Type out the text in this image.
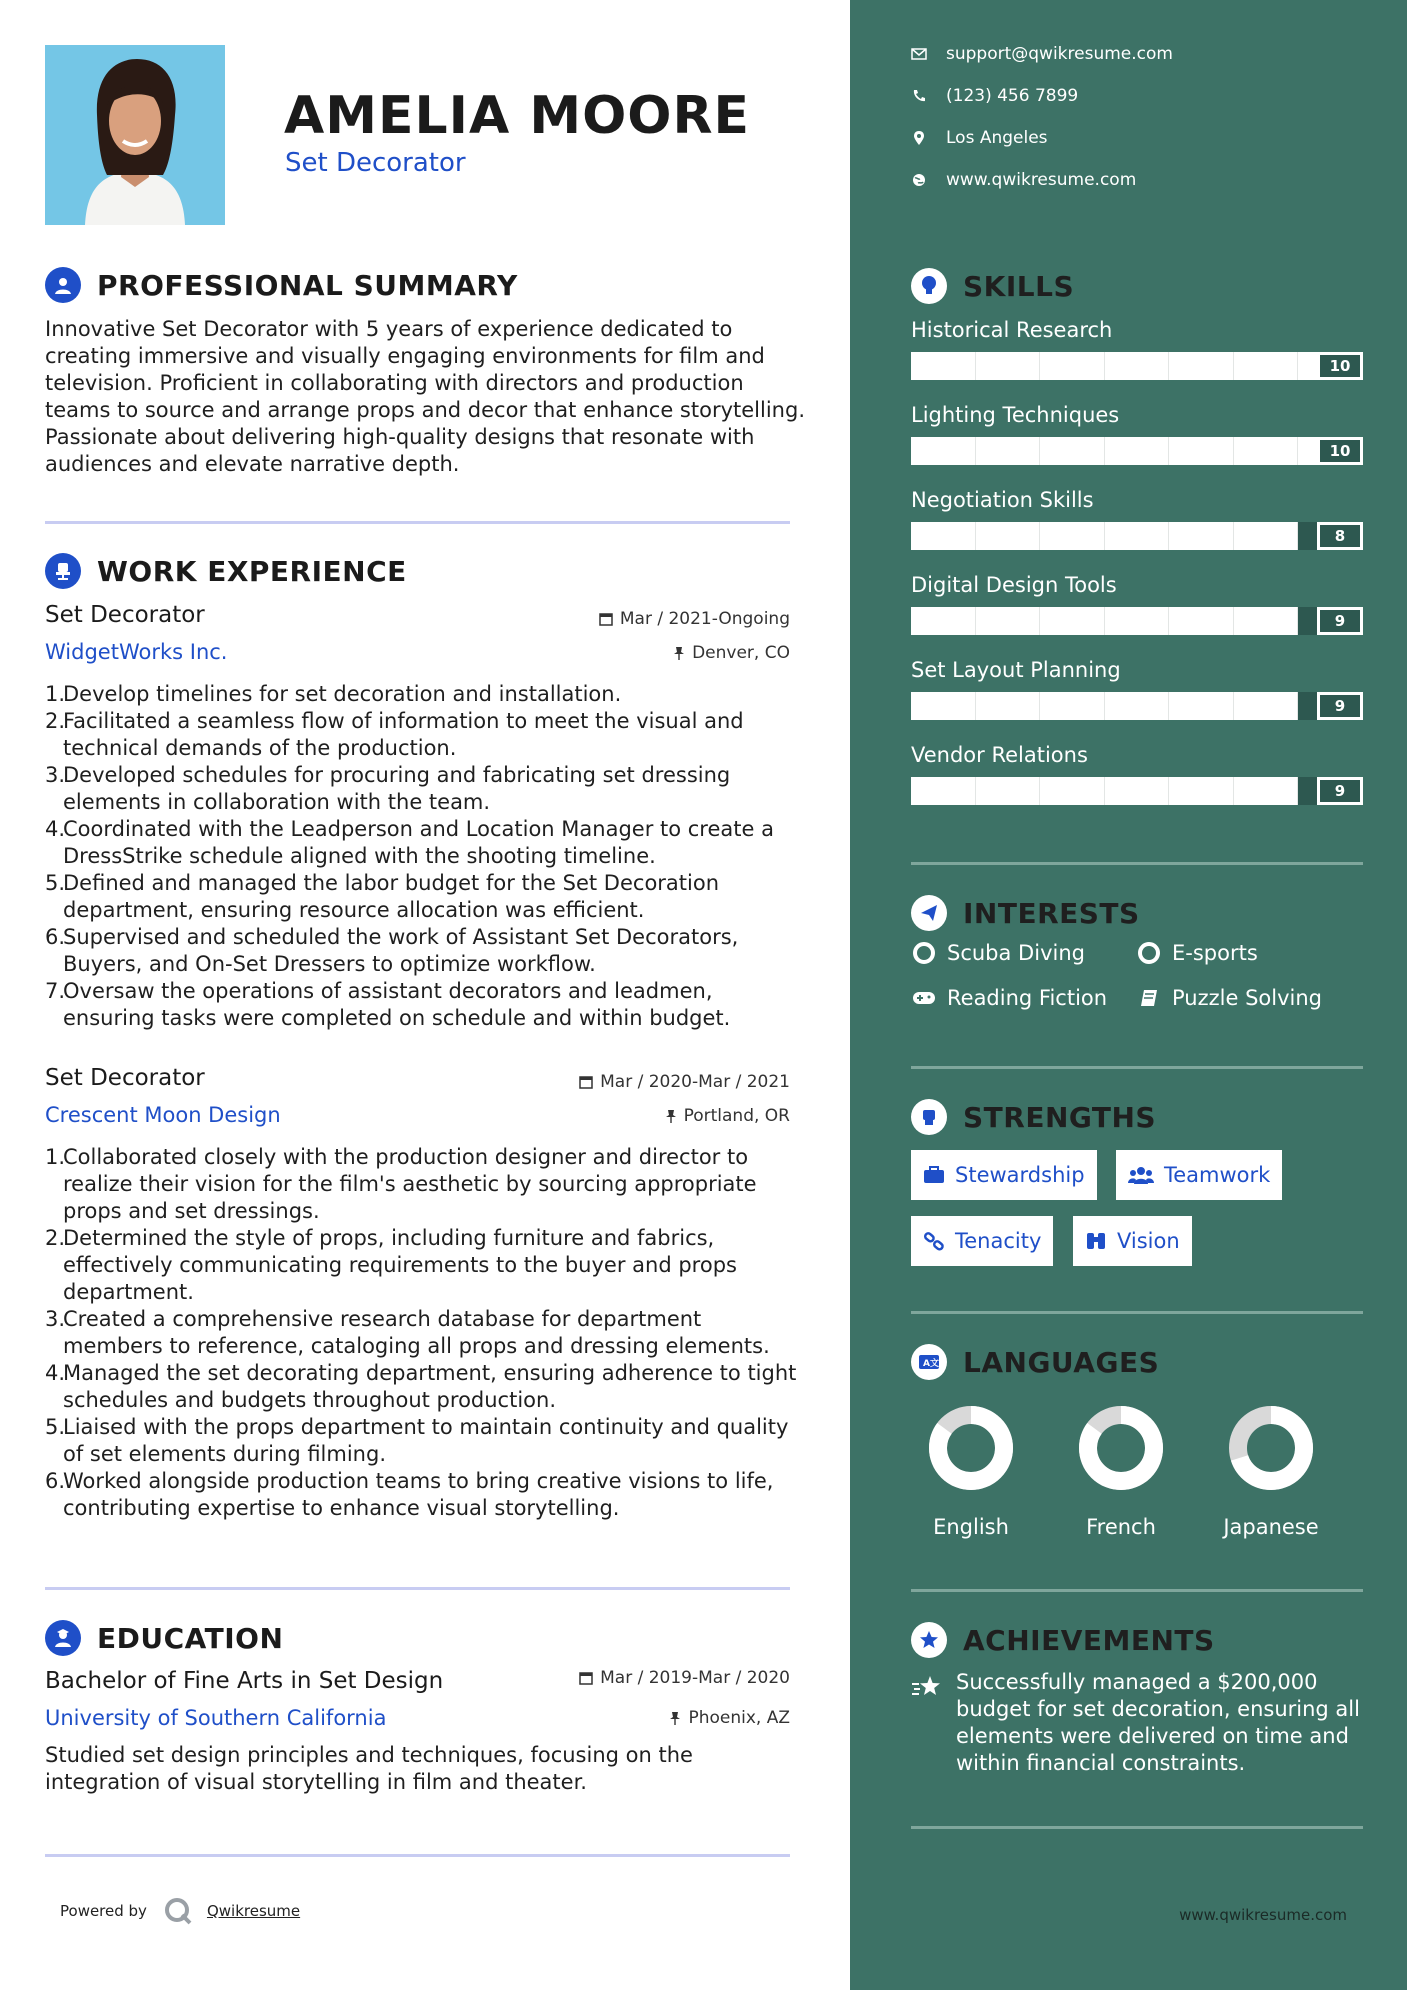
AMELIA MOORE
Set Decorator
PROFESSIONAL SUMMARY
Innovative Set Decorator with 5 years of experience dedicated to creating immersive and visually engaging environments for film and television. Proficient in collaborating with directors and production teams to source and arrange props and decor that enhance storytelling. Passionate about delivering high-quality designs that resonate with audiences and elevate narrative depth.
WORK EXPERIENCE
Set Decorator	Mar / 2021-Ongoing
WidgetWorks Inc.	Denver, CO
1.
Develop timelines for set decoration and installation.
2.
Facilitated a seamless flow of information to meet the visual and technical demands of the production.
3.
Developed schedules for procuring and fabricating set dressing elements in collaboration with the team.
4.
Coordinated with the Leadperson and Location Manager to create a DressStrike schedule aligned with the shooting timeline.
5.
Defined and managed the labor budget for the Set Decoration department, ensuring resource allocation was efficient.
6.
Supervised and scheduled the work of Assistant Set Decorators, Buyers, and On-Set Dressers to optimize workflow.
7.
Oversaw the operations of assistant decorators and leadmen, ensuring tasks were completed on schedule and within budget.
Set Decorator	Mar / 2020-Mar / 2021
Crescent Moon Design	Portland, OR
1.
Collaborated closely with the production designer and director to realize their vision for the film's aesthetic by sourcing appropriate props and set dressings.
2.
Determined the style of props, including furniture and fabrics, effectively communicating requirements to the buyer and props department.
3.
Created a comprehensive research database for department members to reference, cataloging all props and dressing elements.
4.
Managed the set decorating department, ensuring adherence to tight schedules and budgets throughout production.
5.
Liaised with the props department to maintain continuity and quality of set elements during filming.
6.
Worked alongside production teams to bring creative visions to life, contributing expertise to enhance visual storytelling.
EDUCATION
Bachelor of Fine Arts in Set Design	Mar / 2019-Mar / 2020
University of Southern California	Phoenix, AZ
Studied set design principles and techniques, focusing on the integration of visual storytelling in film and theater.
Powered by	Qwikresume
support@qwikresume.com
(123) 456 7899
Los Angeles
www.qwikresume.com
SKILLS
Historical Research
10
Lighting Techniques
10
Negotiation Skills
8
Digital Design Tools
9
Set Layout Planning
9
Vendor Relations
9
INTERESTS
Scuba Diving	E-sports
Reading Fiction	Puzzle Solving
STRENGTHS
Stewardship	Teamwork
Tenacity	Vision
A 文 LANGUAGES
English	French	Japanese
ACHIEVEMENTS
Successfully managed a $200,000 budget for set decoration, ensuring all elements were delivered on time and within financial constraints.
www.qwikresume.com
